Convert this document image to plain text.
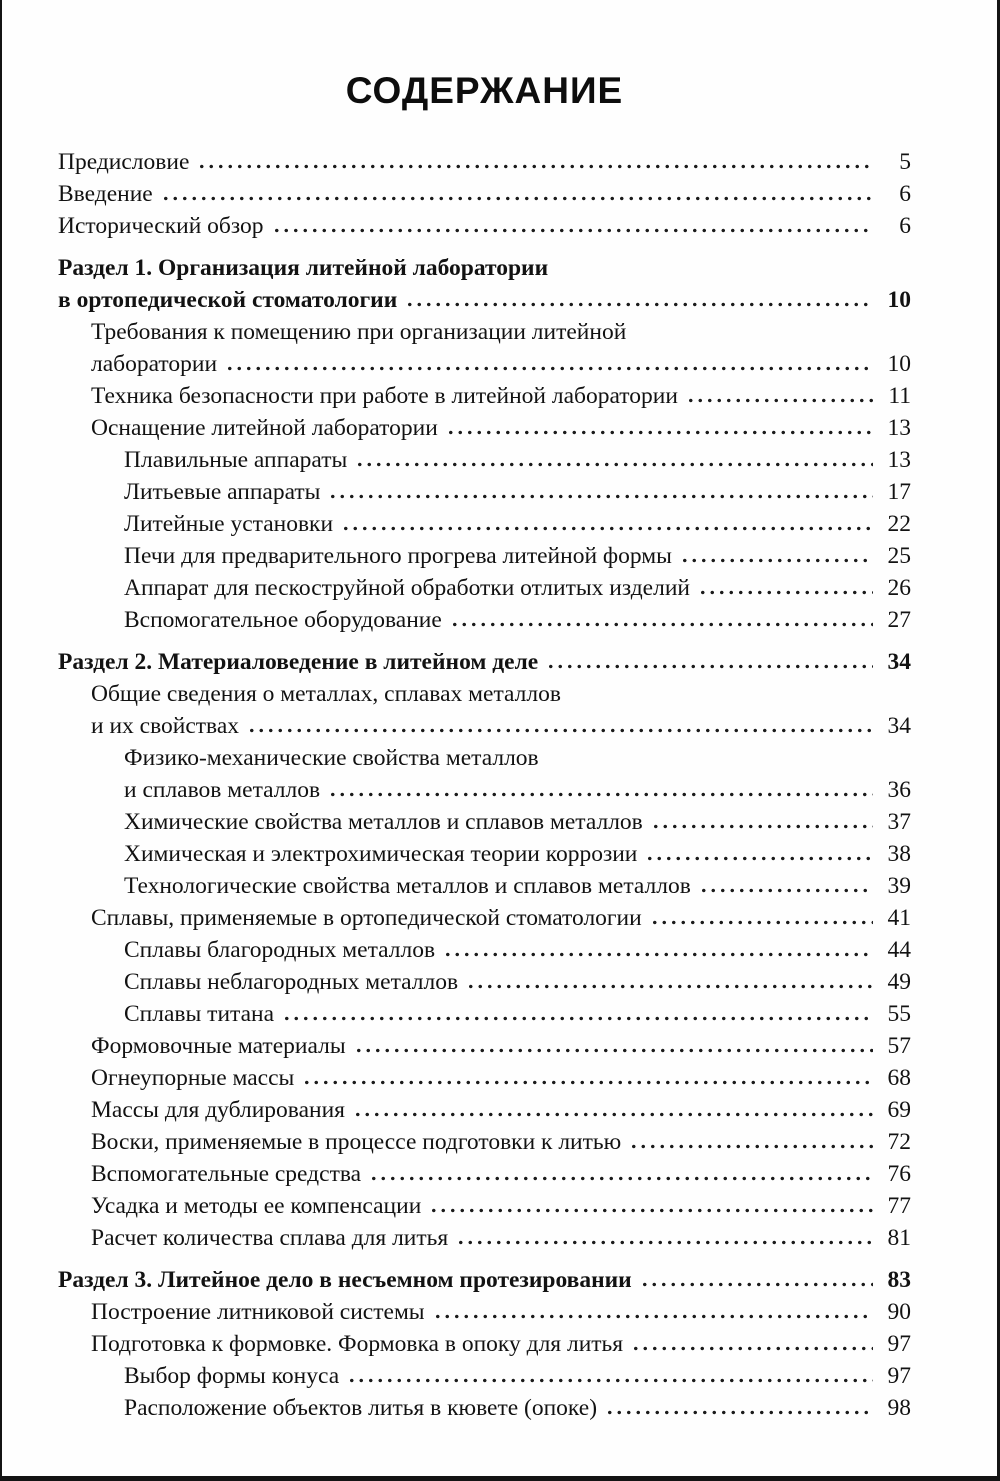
СОДЕРЖАНИЕ
Предисловие	5
Введение	6
Исторический обзор	6
Раздел 1. Организация литейной лаборатории
в ортопедической стоматологии	10
Требования к помещению при организации литейной
лаборатории	10
Техника безопасности при работе в литейной лаборатории	11
Оснащение литейной лаборатории	13
Плавильные аппараты	13
Литьевые аппараты	17
Литейные установки	22
Печи для предварительного прогрева литейной формы	25
Аппарат для пескоструйной обработки отлитых изделий	26
Вспомогательное оборудование	27
Раздел 2. Материаловедение в литейном деле	34
Общие сведения о металлах, сплавах металлов
и их свойствах	34
Физико-механические свойства металлов
и сплавов металлов	36
Химические свойства металлов и сплавов металлов	37
Химическая и электрохимическая теории коррозии	38
Технологические свойства металлов и сплавов металлов	39
Сплавы, применяемые в ортопедической стоматологии	41
Сплавы благородных металлов	44
Сплавы неблагородных металлов	49
Сплавы титана	55
Формовочные материалы	57
Огнеупорные массы	68
Массы для дублирования	69
Воски, применяемые в процессе подготовки к литью	72
Вспомогательные средства	76
Усадка и методы ее компенсации	77
Расчет количества сплава для литья	81
Раздел 3. Литейное дело в несъемном протезировании	83
Построение литниковой системы	90
Подготовка к формовке. Формовка в опоку для литья	97
Выбор формы конуса	97
Расположение объектов литья в кювете (опоке)	98
